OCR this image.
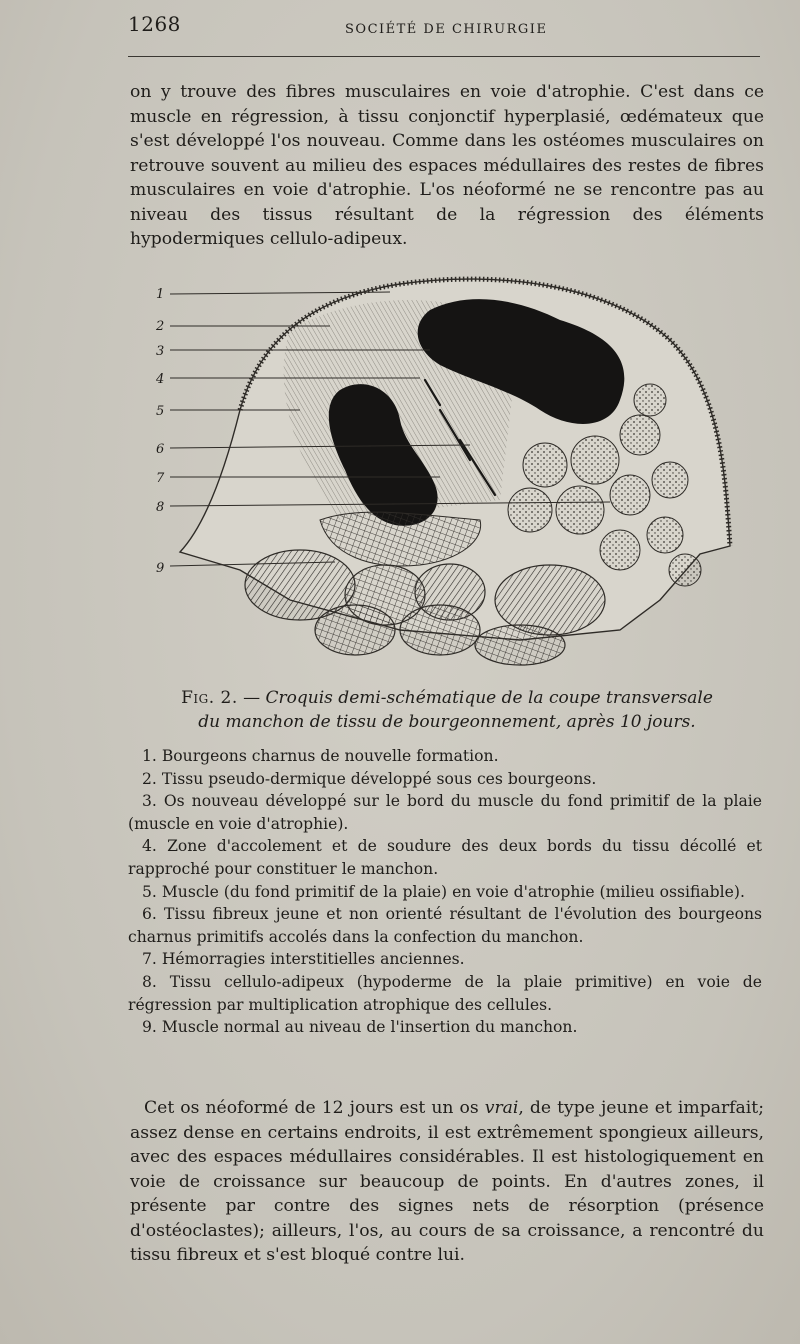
1268	SOCIÉTÉ DE CHIRURGIE

on y trouve des fibres musculaires en voie d'atrophie. C'est dans ce muscle en régression, à tissu conjonctif hyperplasié, œdémateux que s'est développé l'os nouveau. Comme dans les ostéomes musculaires on retrouve souvent au milieu des espaces médullaires des restes de fibres musculaires en voie d'atrophie. L'os néoformé ne se rencontre pas au niveau des tissus résultant de la régression des éléments hypodermiques cellulo-adipeux.

1
2
3
4
5
6
7
8
9

Fig. 2. — Croquis demi-schématique de la coupe transversale
du manchon de tissu de bourgeonnement, après 10 jours.

1. Bourgeons charnus de nouvelle formation.
2. Tissu pseudo-dermique développé sous ces bourgeons.
3. Os nouveau développé sur le bord du muscle du fond primitif de la plaie (muscle en voie d'atrophie).
4. Zone d'accolement et de soudure des deux bords du tissu décollé et rapproché pour constituer le manchon.
5. Muscle (du fond primitif de la plaie) en voie d'atrophie (milieu ossifiable).
6. Tissu fibreux jeune et non orienté résultant de l'évolution des bourgeons charnus primitifs accolés dans la confection du manchon.
7. Hémorragies interstitielles anciennes.
8. Tissu cellulo-adipeux (hypoderme de la plaie primitive) en voie de régression par multiplication atrophique des cellules.
9. Muscle normal au niveau de l'insertion du manchon.

Cet os néoformé de 12 jours est un os vrai, de type jeune et imparfait; assez dense en certains endroits, il est extrêmement spongieux ailleurs, avec des espaces médullaires considérables. Il est histologiquement en voie de croissance sur beaucoup de points. En d'autres zones, il présente par contre des signes nets de résorption (présence d'ostéoclastes); ailleurs, l'os, au cours de sa croissance, a rencontré du tissu fibreux et s'est bloqué contre lui.
